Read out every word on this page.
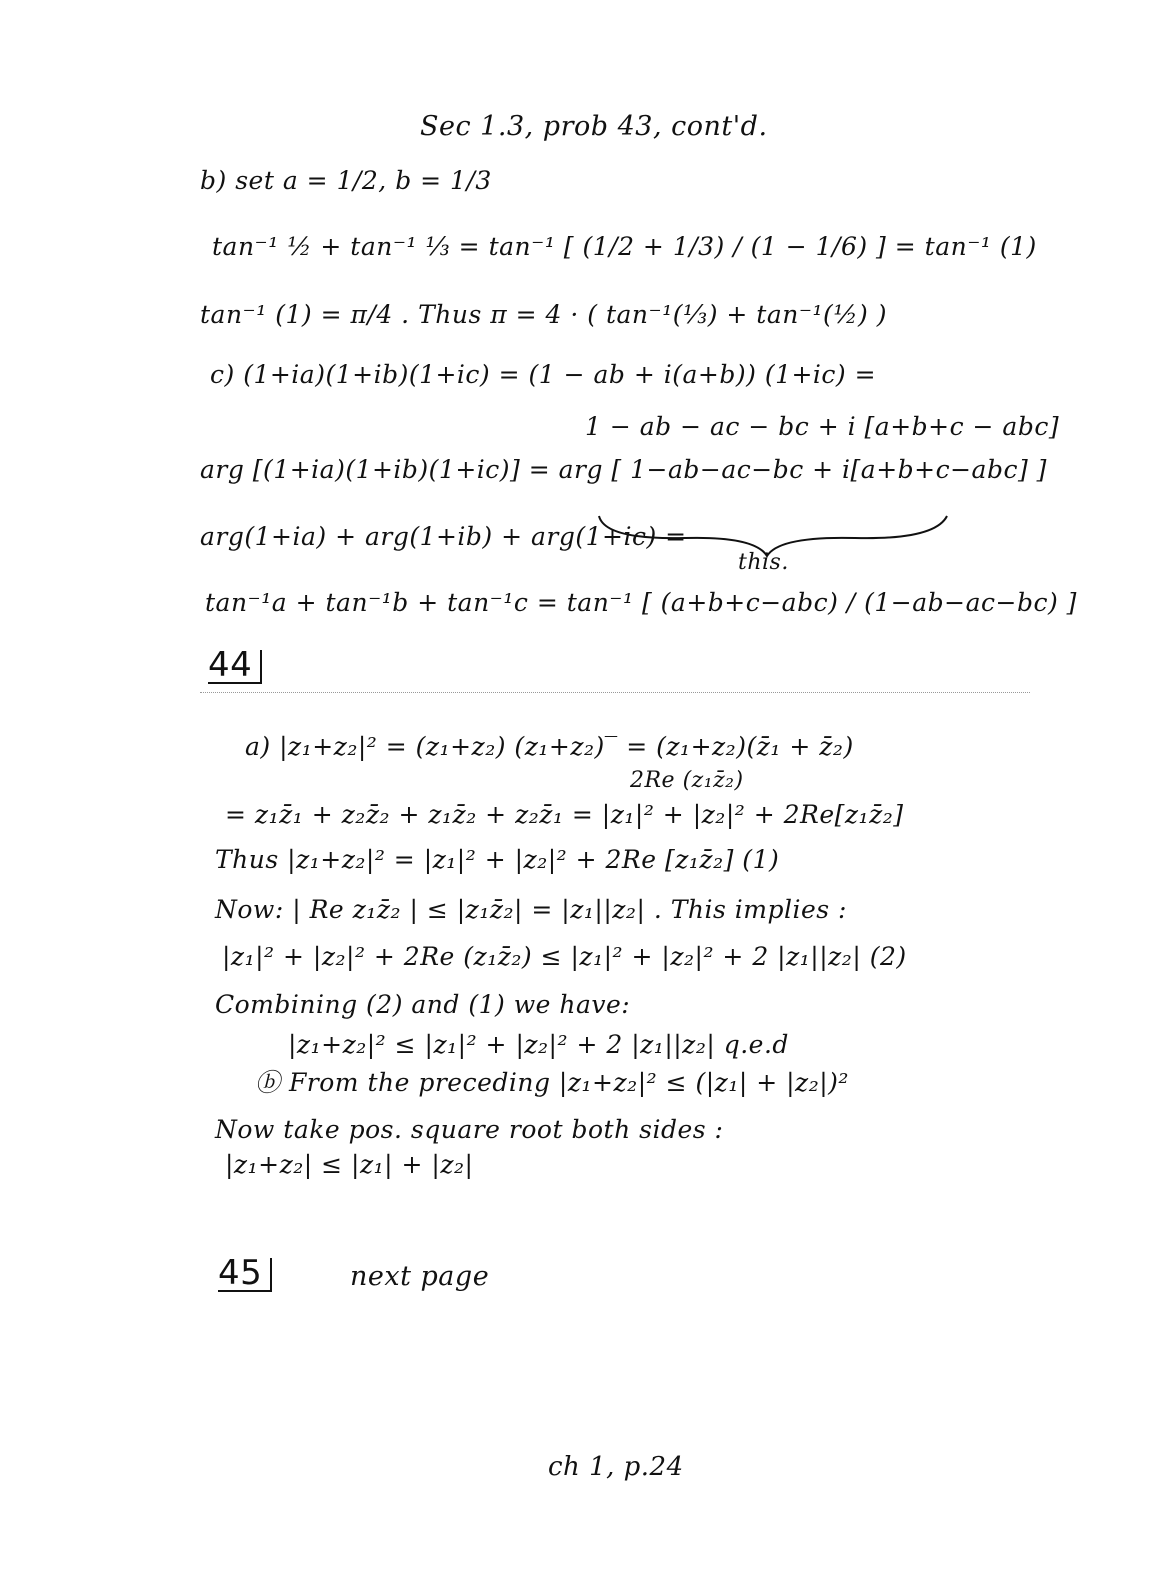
Sec 1.3, prob 43, cont'd.
b) set a = 1/2, b = 1/3
tan⁻¹ ½ + tan⁻¹ ⅓ = tan⁻¹ [ (1/2 + 1/3) / (1 − 1/6) ] = tan⁻¹ (1)
tan⁻¹ (1) = π/4 . Thus π = 4 · ( tan⁻¹(⅓) + tan⁻¹(½) )
c) (1+ia)(1+ib)(1+ic) = (1 − ab + i(a+b)) (1+ic) =
1 − ab − ac − bc + i [a+b+c − abc]
arg [(1+ia)(1+ib)(1+ic)] = arg [ 1−ab−ac−bc + i[a+b+c−abc] ]
arg(1+ia) + arg(1+ib) + arg(1+ic) =
this.
tan⁻¹a + tan⁻¹b + tan⁻¹c = tan⁻¹ [ (a+b+c−abc) / (1−ab−ac−bc) ]
44
a) |z₁+z₂|² = (z₁+z₂) (z₁+z₂)‾ = (z₁+z₂)(z̄₁ + z̄₂)
2Re (z₁z̄₂)
= z₁z̄₁ + z₂z̄₂ + z₁z̄₂ + z₂z̄₁ = |z₁|² + |z₂|² + 2Re[z₁z̄₂]
Thus |z₁+z₂|² = |z₁|² + |z₂|² + 2Re [z₁z̄₂] (1)
Now: | Re z₁z̄₂ | ≤ |z₁z̄₂| = |z₁||z₂| . This implies :
|z₁|² + |z₂|² + 2Re (z₁z̄₂) ≤ |z₁|² + |z₂|² + 2 |z₁||z₂| (2)
Combining (2) and (1) we have:
|z₁+z₂|² ≤ |z₁|² + |z₂|² + 2 |z₁||z₂| q.e.d
ⓑ From the preceding |z₁+z₂|² ≤ (|z₁| + |z₂|)²
Now take pos. square root both sides :
|z₁+z₂| ≤ |z₁| + |z₂|
45	next page
ch 1, p.24
